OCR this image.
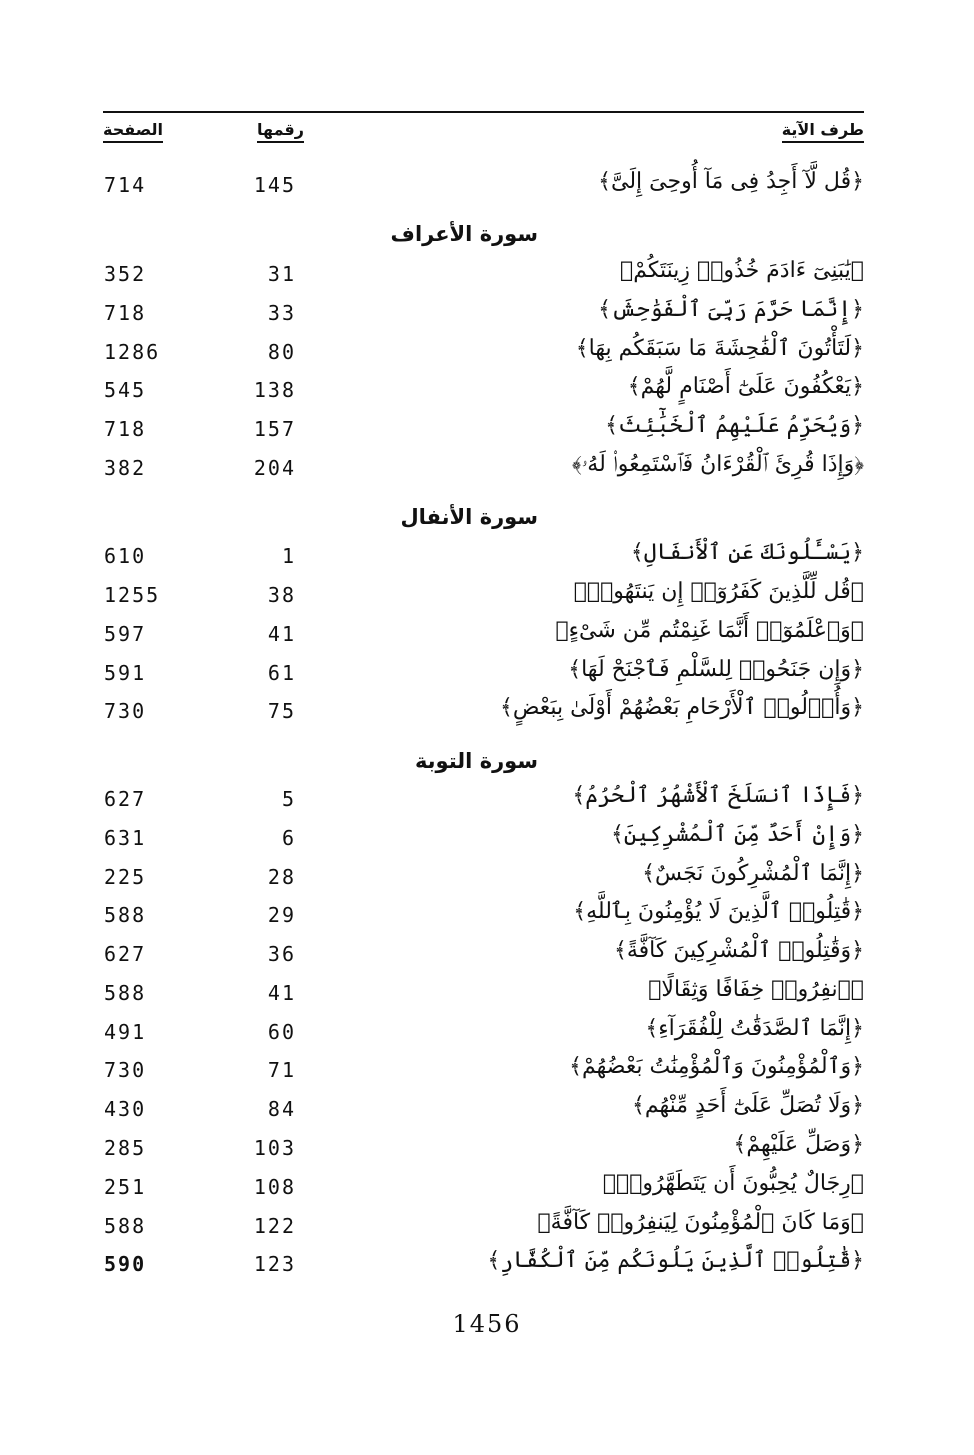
الصفحة	رقمها	طرف الآية
714	145	﴿قُل لَّآ أَجِدُ فِى مَآ أُوحِىَ إِلَىَّ﴾
سورة الأعراف
352	31	﴿يَٰبَنِىٓ ءَادَمَ خُذُوا۟ زِينَتَكُمْ﴾
718	33	﴿إِنَّمَا حَرَّمَ رَبِّىَ ٱلْفَوَٰحِشَ﴾
1286	80	﴿لَتَأْتُونَ ٱلْفَٰحِشَةَ مَا سَبَقَكُم بِهَا﴾
545	138	﴿يَعْكُفُونَ عَلَىٰٓ أَصْنَامٍ لَّهُمْ﴾
718	157	﴿وَيُحَرِّمُ عَلَيْهِمُ ٱلْخَبَٰٓئِثَ﴾
382	204	﴿وَإِذَا قُرِئَ ٱلْقُرْءَانُ فَٱسْتَمِعُوا۟ لَهُۥ﴾
سورة الأنفال
610	1	﴿يَسْـَٔلُونَكَ عَنِ ٱلْأَنفَالِ﴾
1255	38	﴿قُل لِّلَّذِينَ كَفَرُوٓا۟ إِن يَنتَهُوا۟﴾
597	41	﴿وَٱعْلَمُوٓا۟ أَنَّمَا غَنِمْتُم مِّن شَىْءٍ﴾
591	61	﴿وَإِن جَنَحُوا۟ لِلسَّلْمِ فَٱجْنَحْ لَهَا﴾
730	75	﴿وَأُو۟لُوا۟ ٱلْأَرْحَامِ بَعْضُهُمْ أَوْلَىٰ بِبَعْضٍ﴾
سورة التوبة
627	5	﴿فَإِذَا ٱنسَلَخَ ٱلْأَشْهُرُ ٱلْحُرُمُ﴾
631	6	﴿وَإِنْ أَحَدٌ مِّنَ ٱلْمُشْرِكِينَ﴾
225	28	﴿إِنَّمَا ٱلْمُشْرِكُونَ نَجَسٌ﴾
588	29	﴿قَٰتِلُوا۟ ٱلَّذِينَ لَا يُؤْمِنُونَ بِٱللَّهِ﴾
627	36	﴿وَقَٰتِلُوا۟ ٱلْمُشْرِكِينَ كَآفَّةً﴾
588	41	﴿ٱنفِرُوا۟ خِفَافًا وَثِقَالًا﴾
491	60	﴿إِنَّمَا ٱلصَّدَقَٰتُ لِلْفُقَرَآءِ﴾
730	71	﴿وَٱلْمُؤْمِنُونَ وَٱلْمُؤْمِنَٰتُ بَعْضُهُمْ﴾
430	84	﴿وَلَا تُصَلِّ عَلَىٰٓ أَحَدٍ مِّنْهُم﴾
285	103	﴿وَصَلِّ عَلَيْهِمْ﴾
251	108	﴿رِجَالٌ يُحِبُّونَ أَن يَتَطَهَّرُوا۟﴾
588	122	﴿وَمَا كَانَ ٱلْمُؤْمِنُونَ لِيَنفِرُوا۟ كَآفَّةً﴾
590	123	﴿قَٰتِلُوا۟ ٱلَّذِينَ يَلُونَكُم مِّنَ ٱلْكُفَّارِ﴾
1456
